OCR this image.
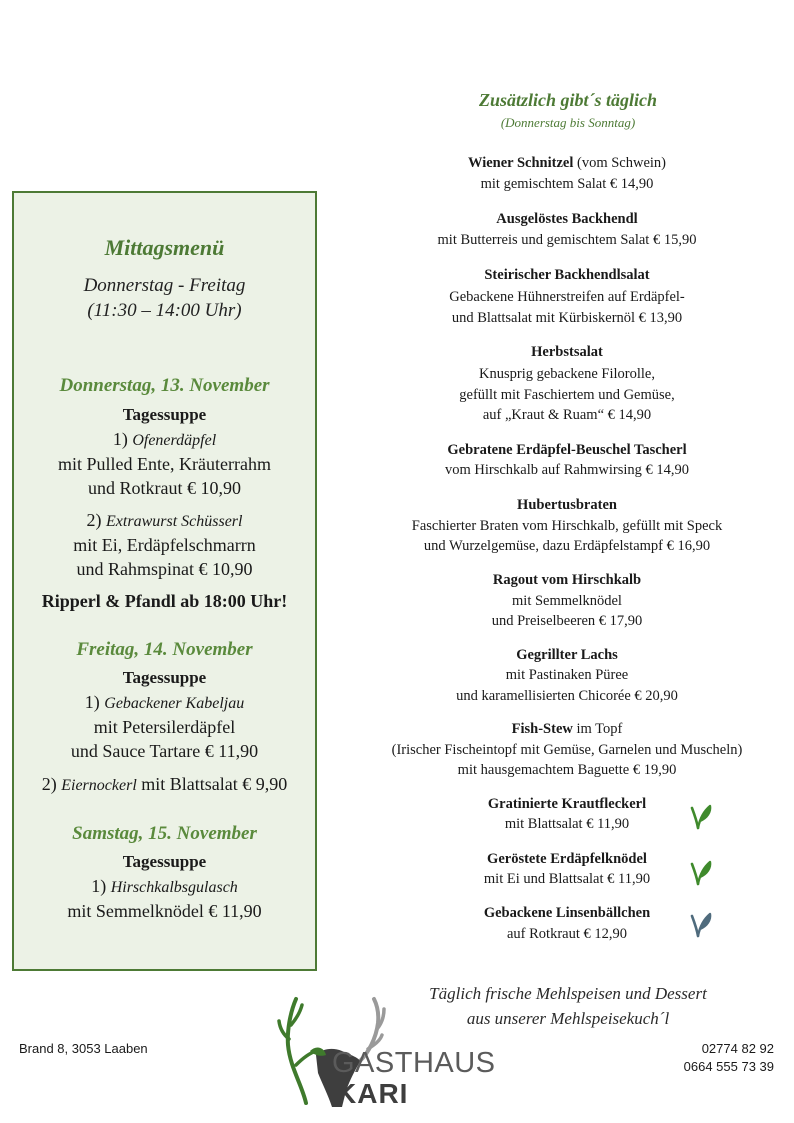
Mittagsmenü
Donnerstag - Freitag
(11:30 – 14:00 Uhr)
Donnerstag, 13. November
Tagessuppe
1) Ofenerdäpfel
mit Pulled Ente, Kräuterrahm
und Rotkraut € 10,90
2) Extrawurst Schüsserl
mit Ei, Erdäpfelschmarrn
und Rahmspinat € 10,90
Ripperl & Pfandl ab 18:00 Uhr!
Freitag, 14. November
Tagessuppe
1) Gebackener Kabeljau
mit Petersilerdäpfel
und Sauce Tartare € 11,90
2) Eiernockerl mit Blattsalat € 9,90
Samstag, 15. November
Tagessuppe
1) Hirschkalbsgulasch
mit Semmelknödel € 11,90
Zusätzlich gibt´s täglich
(Donnerstag bis Sonntag)
Wiener Schnitzel (vom Schwein)
mit gemischtem Salat € 14,90
Ausgelöstes Backhendl
mit Butterreis und gemischtem Salat € 15,90
Steirischer Backhendlsalat
Gebackene Hühnerstreifen auf Erdäpfel-
und Blattsalat mit Kürbiskernöl € 13,90
Herbstsalat
Knusprig gebackene Filorolle,
gefüllt mit Faschiertem und Gemüse,
auf „Kraut & Ruam“ € 14,90
Gebratene Erdäpfel-Beuschel Tascherl
vom Hirschkalb auf Rahmwirsing € 14,90
Hubertusbraten
Faschierter Braten vom Hirschkalb, gefüllt mit Speck
und Wurzelgemüse, dazu Erdäpfelstampf € 16,90
Ragout vom Hirschkalb
mit Semmelknödel
und Preiselbeeren € 17,90
Gegrillter Lachs
mit Pastinaken Püree
und karamellisierten Chicorée € 20,90
Fish-Stew im Topf
(Irischer Fischeintopf mit Gemüse, Garnelen und Muscheln)
mit hausgemachtem Baguette € 19,90
Gratinierte Krautfleckerl
mit Blattsalat € 11,90
Geröstete Erdäpfelknödel
mit Ei und Blattsalat € 11,90
Gebackene Linsenbällchen
auf Rotkraut € 12,90
Täglich frische Mehlspeisen und Dessert
aus unserer Mehlspeisekuch´l
Brand 8, 3053 Laaben	02774 82 92
0664 555 73 39
GASTHAUS
KARI
